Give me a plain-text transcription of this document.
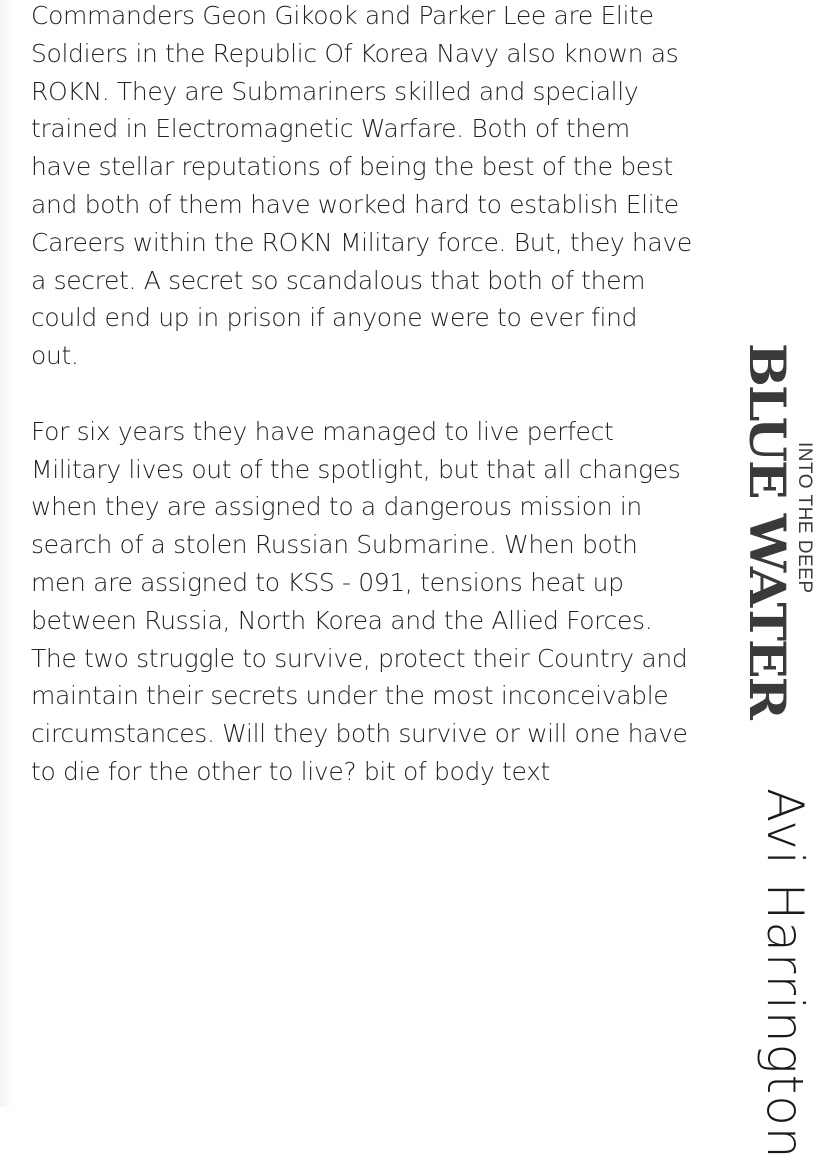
Commanders Geon Gikook and Parker Lee are Elite
Soldiers in the Republic Of Korea Navy also known as
ROKN. They are Submariners skilled and specially
trained in Electromagnetic Warfare. Both of them
have stellar reputations of being the best of the best
and both of them have worked hard to establish Elite
Careers within the ROKN Military force. But, they have
a secret. A secret so scandalous that both of them
could end up in prison if anyone were to ever find
out.

For six years they have managed to live perfect
Military lives out of the spotlight, but that all changes
when they are assigned to a dangerous mission in
search of a stolen Russian Submarine. When both
men are assigned to KSS - 091, tensions heat up
between Russia, North Korea and the Allied Forces.
The two struggle to survive, protect their Country and
maintain their secrets under the most inconceivable
circumstances. Will they both survive or will one have
to die for the other to live? bit of body text

BLUE WATER
INTO THE DEEP
Avi Harrington
